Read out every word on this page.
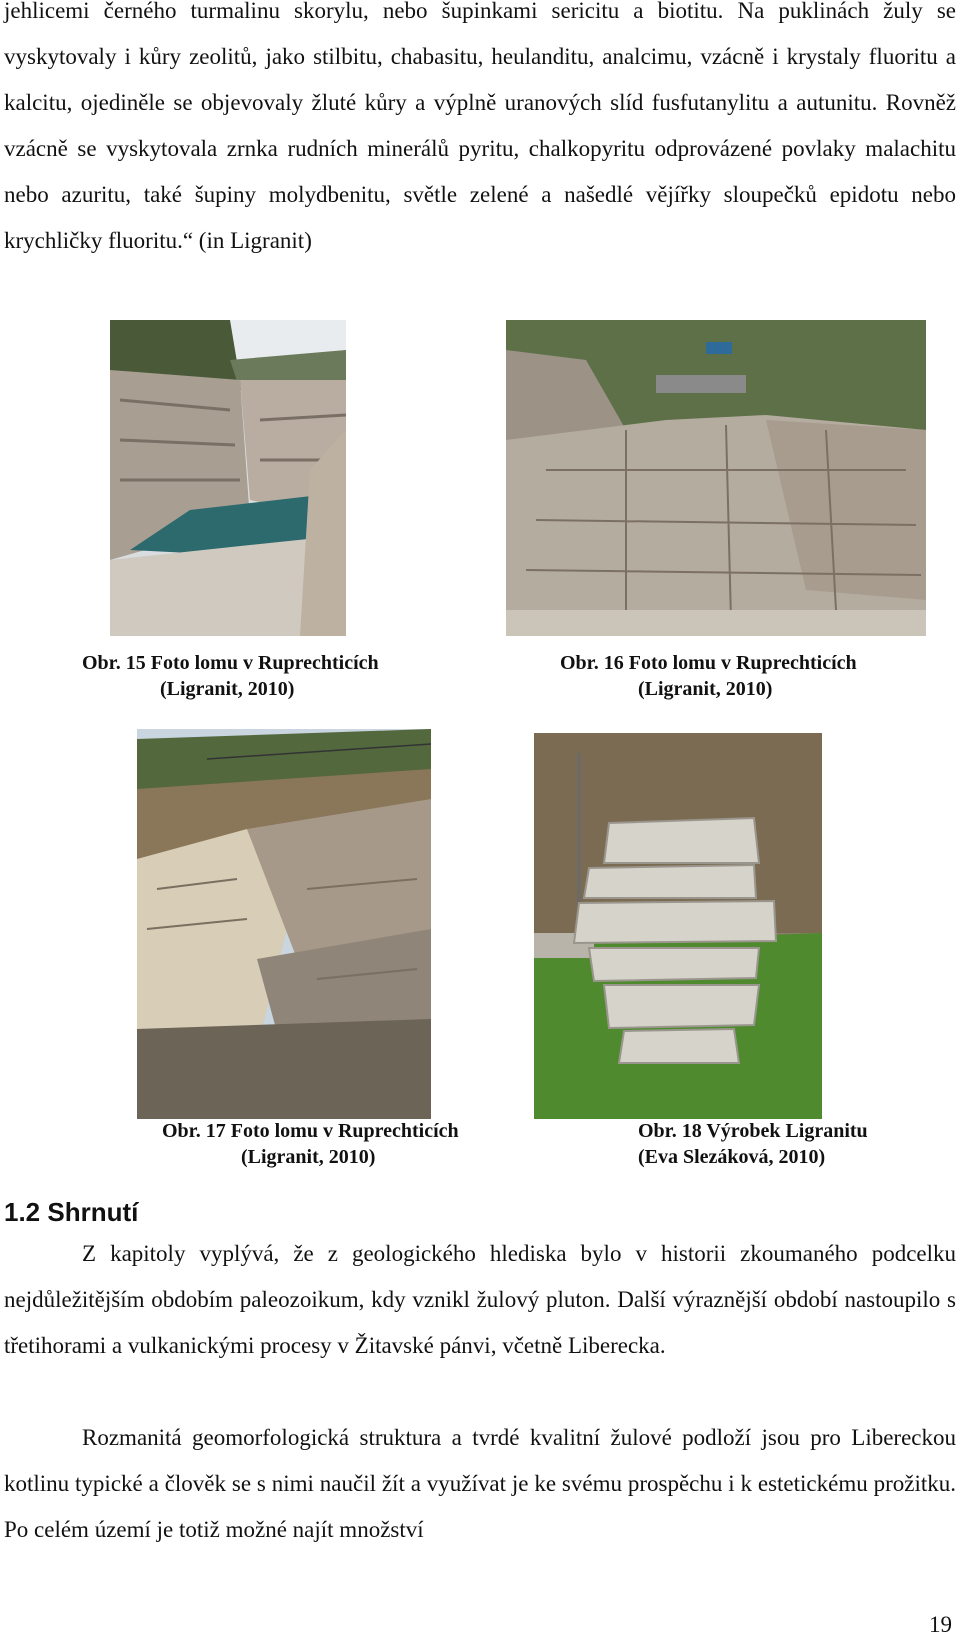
jehlicemi černého turmalinu skorylu, nebo šupinkami sericitu a biotitu. Na puklinách žuly se vyskytovaly i kůry zeolitů, jako stilbitu, chabasitu, heulanditu, analcimu, vzácně i krystaly fluoritu a kalcitu, ojediněle se objevovaly žluté kůry a výplně uranových slíd fusfutanylitu a autunitu. Rovněž vzácně se vyskytovala zrnka rudních minerálů pyritu, chalkopyritu odprovázené povlaky malachitu nebo azuritu, také šupiny molydbenitu, světle zelené a našedlé vějířky sloupečků epidotu nebo krychličky fluoritu.“ (in Ligranit)

Obr. 15 Foto lomu v Ruprechticích
(Ligranit, 2010)
Obr. 16 Foto lomu v Ruprechticích
(Ligranit, 2010)
Obr. 17 Foto lomu v Ruprechticích
(Ligranit, 2010)
Obr. 18 Výrobek Ligranitu
(Eva Slezáková, 2010)
1.2 Shrnutí

Z kapitoly vyplývá, že z geologického hlediska bylo v historii zkoumaného podcelku nejdůležitějším obdobím paleozoikum, kdy vznikl žulový pluton. Další výraznější období nastoupilo s třetihorami a vulkanickými procesy v Žitavské pánvi, včetně Liberecka.

Rozmanitá geomorfologická struktura a tvrdé kvalitní žulové podloží jsou pro Libereckou kotlinu typické a člověk se s nimi naučil žít a využívat je ke svému prospěchu i k estetickému prožitku. Po celém území je totiž možné najít množství

19
